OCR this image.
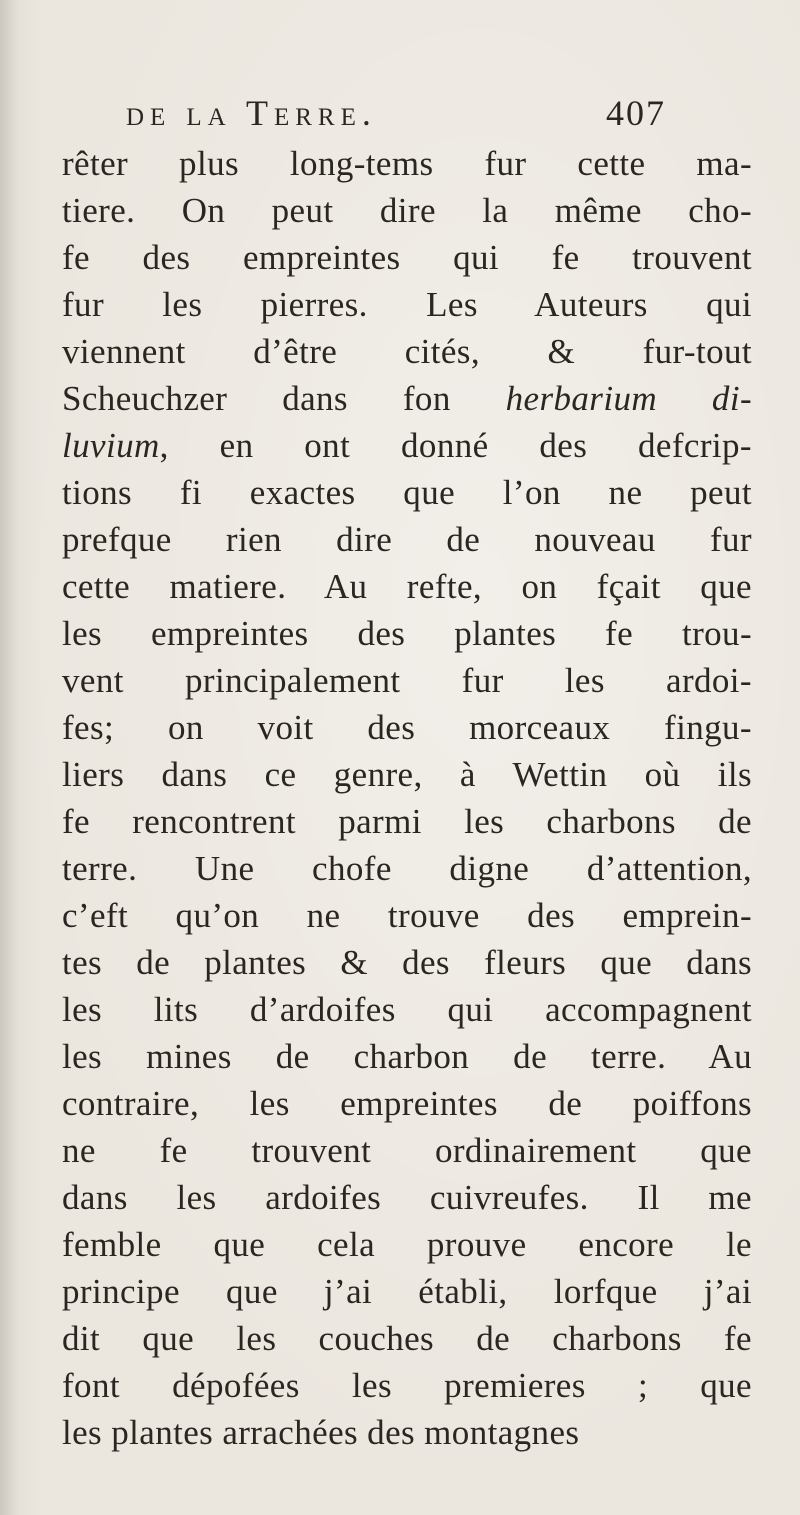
de la Terre.	407
rêter plus long-tems fur cette ma-
tiere. On peut dire la même cho-
fe des empreintes qui fe trouvent
fur les pierres. Les Auteurs qui
viennent d’être cités, & fur-tout
Scheuchzer dans fon herbarium di-
luvium, en ont donné des defcrip-
tions fi exactes que l’on ne peut
prefque rien dire de nouveau fur
cette matiere. Au refte, on fçait que
les empreintes des plantes fe trou-
vent principalement fur les ardoi-
fes; on voit des morceaux fingu-
liers dans ce genre, à Wettin où ils
fe rencontrent parmi les charbons de
terre. Une chofe digne d’attention,
c’eft qu’on ne trouve des emprein-
tes de plantes & des fleurs que dans
les lits d’ardoifes qui accompagnent
les mines de charbon de terre. Au
contraire, les empreintes de poiffons
ne fe trouvent ordinairement que
dans les ardoifes cuivreufes. Il me
femble que cela prouve encore le
principe que j’ai établi, lorfque j’ai
dit que les couches de charbons fe
font dépofées les premieres ; que
les plantes arrachées des montagnes
